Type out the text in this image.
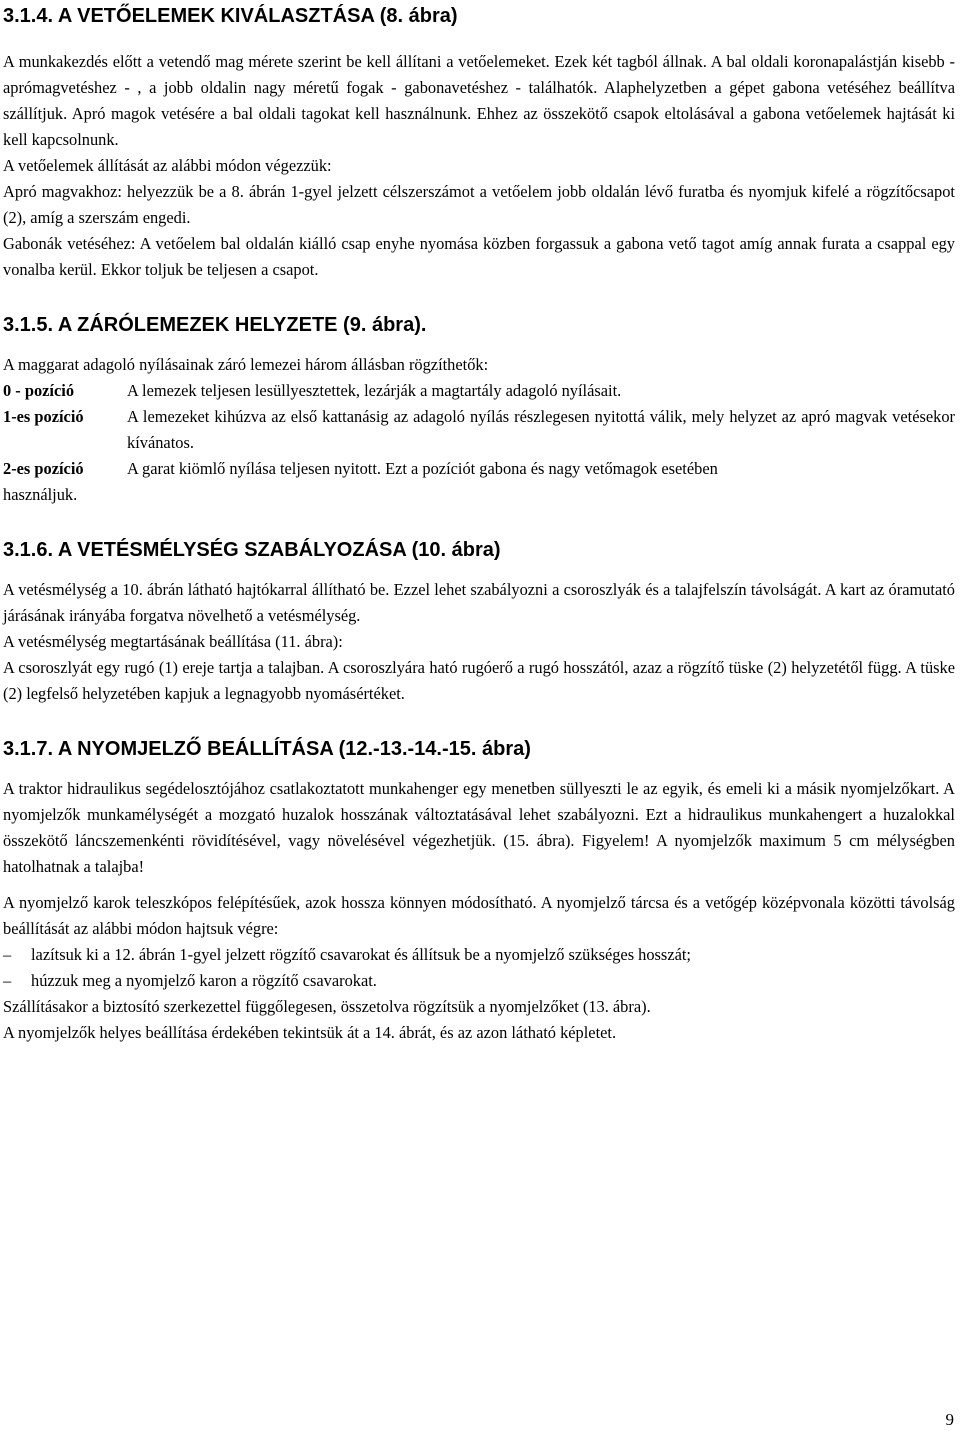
3.1.4. A VETŐELEMEK KIVÁLASZTÁSA (8. ábra)

A munkakezdés előtt a vetendő mag mérete szerint be kell állítani a vetőelemeket. Ezek két tagból állnak. A bal oldali koronapalástján kisebb - aprómagvetéshez - , a jobb oldalin nagy méretű fogak - gabonavetéshez - találhatók. Alaphelyzetben a gépet gabona vetéséhez beállítva szállítjuk. Apró magok vetésére a bal oldali tagokat kell használnunk. Ehhez az összekötő csapok eltolásával a gabona vetőelemek hajtását ki kell kapcsolnunk.

A vetőelemek állítását az alábbi módon végezzük:

Apró magvakhoz: helyezzük be a 8. ábrán 1-gyel jelzett célszerszámot a vetőelem jobb oldalán lévő furatba és nyomjuk kifelé a rögzítőcsapot (2), amíg a szerszám engedi.

Gabonák vetéséhez: A vetőelem bal oldalán kiálló csap enyhe nyomása közben forgassuk a gabona vető tagot amíg annak furata a csappal egy vonalba kerül. Ekkor toljuk be teljesen a csapot.

3.1.5. A ZÁRÓLEMEZEK HELYZETE (9. ábra).

A maggarat adagoló nyílásainak záró lemezei három állásban rögzíthetők:

0 - pozíció	A lemezek teljesen lesüllyesztettek, lezárják a magtartály adagoló nyílásait.
1-es pozíció	A lemezeket kihúzva az első kattanásig az adagoló nyílás részlegesen nyitottá válik, mely helyzet az apró magvak vetésekor kívánatos.
2-es pozíció	A garat kiömlő nyílása teljesen nyitott. Ezt a pozíciót gabona és nagy vetőmagok esetében

használjuk.

3.1.6. A VETÉSMÉLYSÉG SZABÁLYOZÁSA (10. ábra)

A vetésmélység a 10. ábrán látható hajtókarral állítható be. Ezzel lehet szabályozni a csoroszlyák és a talajfelszín távolságát. A kart az óramutató járásának irányába forgatva növelhető a vetésmélység.

A vetésmélység megtartásának beállítása (11. ábra):

A csoroszlyát egy rugó (1) ereje tartja a talajban. A csoroszlyára ható rugóerő a rugó hosszától, azaz a rögzítő tüske (2) helyzetétől függ. A tüske (2) legfelső helyzetében kapjuk a legnagyobb nyomásértéket.

3.1.7. A NYOMJELZŐ BEÁLLÍTÁSA (12.-13.-14.-15. ábra)

A traktor hidraulikus segédelosztójához csatlakoztatott munkahenger egy menetben süllyeszti le az egyik, és emeli ki a másik nyomjelzőkart. A nyomjelzők munkamélységét a mozgató huzalok hosszának változtatásával lehet szabályozni. Ezt a hidraulikus munkahengert a huzalokkal összekötő láncszemenkénti rövidítésével, vagy növelésével végezhetjük. (15. ábra). Figyelem! A nyomjelzők maximum 5 cm mélységben hatolhatnak a talajba!

A nyomjelző karok teleszkópos felépítésűek, azok hossza könnyen módosítható. A nyomjelző tárcsa és a vetőgép középvonala közötti távolság beállítását az alábbi módon hajtsuk végre:

–	lazítsuk ki a 12. ábrán 1-gyel jelzett rögzítő csavarokat és állítsuk be a nyomjelző szükséges hosszát;
–	húzzuk meg a nyomjelző karon a rögzítő csavarokat.

Szállításakor a biztosító szerkezettel függőlegesen, összetolva rögzítsük a nyomjelzőket (13. ábra).

A nyomjelzők helyes beállítása érdekében tekintsük át a 14. ábrát, és az azon látható képletet.

9
